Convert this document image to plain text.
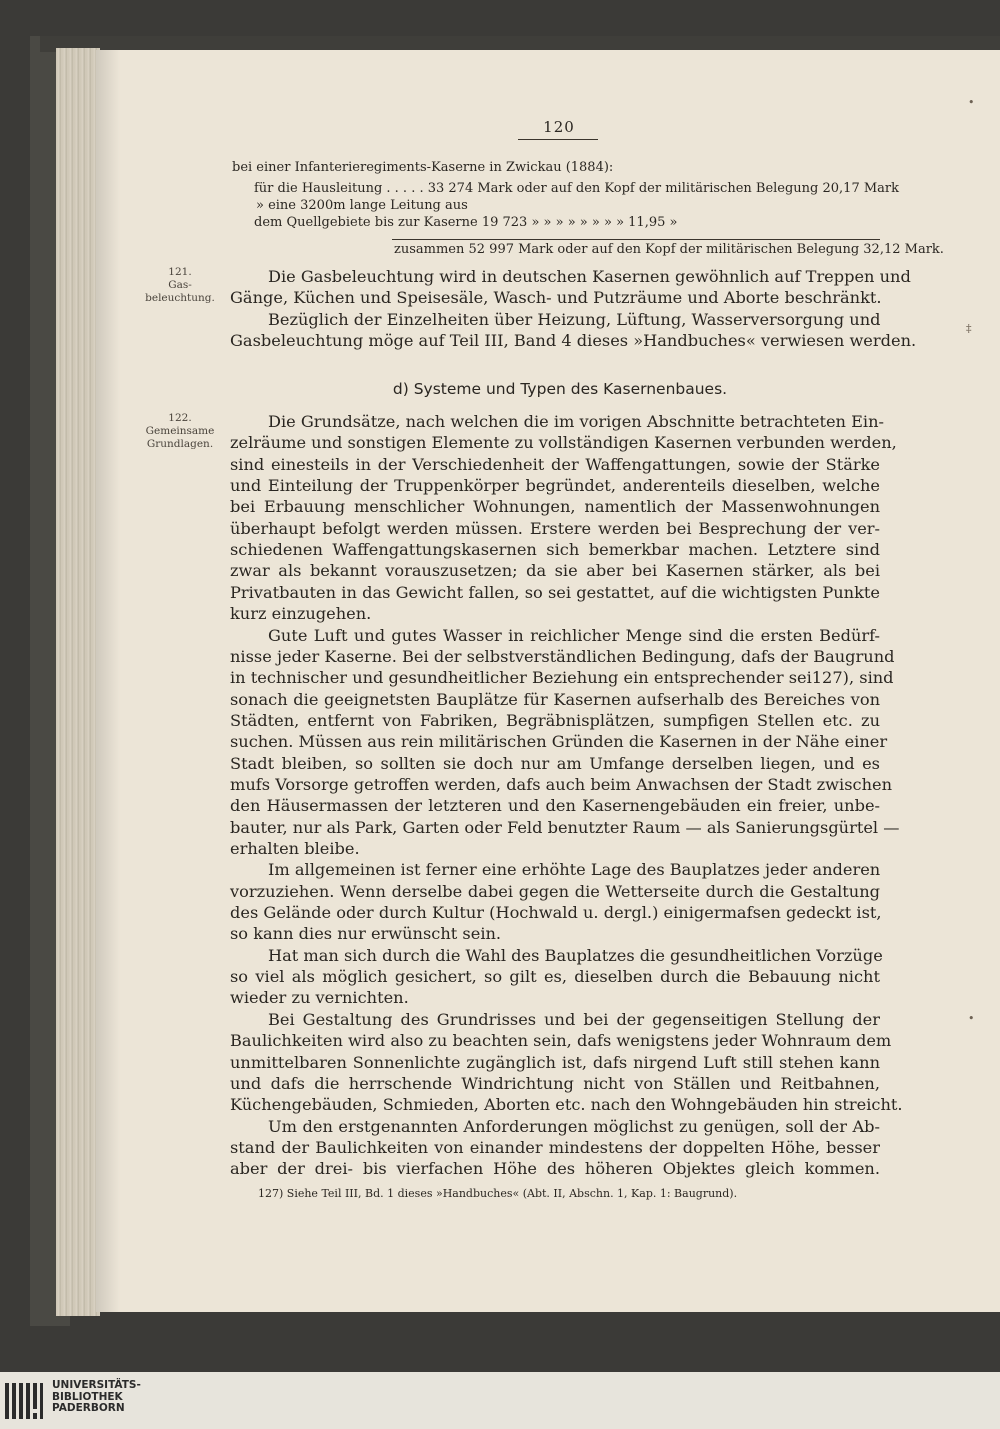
120
bei einer Infanterieregiments-Kaserne in Zwickau (1884):
für die Hausleitung . . . . . 33 274 Mark oder auf den Kopf der militärischen Belegung 20,17 Mark
» eine 3200m lange Leitung aus
dem Quellgebiete bis zur Kaserne 19 723 » » » » » » » » 11,95 »
zusammen 52 997 Mark oder auf den Kopf der militärischen Belegung 32,12 Mark.
121.
Gas-
beleuchtung.
Die Gasbeleuchtung wird in deutschen Kasernen gewöhnlich auf Treppen und
Gänge, Küchen und Speisesäle, Wasch- und Putzräume und Aborte beschränkt.
Bezüglich der Einzelheiten über Heizung, Lüftung, Wasserversorgung und
Gasbeleuchtung möge auf Teil III, Band 4 dieses »Handbuches« verwiesen werden.
d) Systeme und Typen des Kasernenbaues.
122.
Gemeinsame
Grundlagen.
Die Grundsätze, nach welchen die im vorigen Abschnitte betrachteten Ein-
zelräume und sonstigen Elemente zu vollständigen Kasernen verbunden werden,
sind einesteils in der Verschiedenheit der Waffengattungen, sowie der Stärke
und Einteilung der Truppenkörper begründet, anderenteils dieselben, welche
bei Erbauung menschlicher Wohnungen, namentlich der Massenwohnungen
überhaupt befolgt werden müssen. Erstere werden bei Besprechung der ver-
schiedenen Waffengattungskasernen sich bemerkbar machen. Letztere sind
zwar als bekannt vorauszusetzen; da sie aber bei Kasernen stärker, als bei
Privatbauten in das Gewicht fallen, so sei gestattet, auf die wichtigsten Punkte
kurz einzugehen.
Gute Luft und gutes Wasser in reichlicher Menge sind die ersten Bedürf-
nisse jeder Kaserne. Bei der selbstverständlichen Bedingung, dafs der Baugrund
in technischer und gesundheitlicher Beziehung ein entsprechender sei127), sind
sonach die geeignetsten Bauplätze für Kasernen aufserhalb des Bereiches von
Städten, entfernt von Fabriken, Begräbnisplätzen, sumpfigen Stellen etc. zu
suchen. Müssen aus rein militärischen Gründen die Kasernen in der Nähe einer
Stadt bleiben, so sollten sie doch nur am Umfange derselben liegen, und es
mufs Vorsorge getroffen werden, dafs auch beim Anwachsen der Stadt zwischen
den Häusermassen der letzteren und den Kasernengebäuden ein freier, unbe-
bauter, nur als Park, Garten oder Feld benutzter Raum — als Sanierungsgürtel —
erhalten bleibe.
Im allgemeinen ist ferner eine erhöhte Lage des Bauplatzes jeder anderen
vorzuziehen. Wenn derselbe dabei gegen die Wetterseite durch die Gestaltung
des Gelände oder durch Kultur (Hochwald u. dergl.) einigermafsen gedeckt ist,
so kann dies nur erwünscht sein.
Hat man sich durch die Wahl des Bauplatzes die gesundheitlichen Vorzüge
so viel als möglich gesichert, so gilt es, dieselben durch die Bebauung nicht
wieder zu vernichten.
Bei Gestaltung des Grundrisses und bei der gegenseitigen Stellung der
Baulichkeiten wird also zu beachten sein, dafs wenigstens jeder Wohnraum dem
unmittelbaren Sonnenlichte zugänglich ist, dafs nirgend Luft still stehen kann
und dafs die herrschende Windrichtung nicht von Ställen und Reitbahnen,
Küchengebäuden, Schmieden, Aborten etc. nach den Wohngebäuden hin streicht.
Um den erstgenannten Anforderungen möglichst zu genügen, soll der Ab-
stand der Baulichkeiten von einander mindestens der doppelten Höhe, besser
aber der drei- bis vierfachen Höhe des höheren Objektes gleich kommen.
127) Siehe Teil III, Bd. 1 dieses »Handbuches« (Abt. II, Abschn. 1, Kap. 1: Baugrund).
•
‡
•
UNIVERSITÄTS-
BIBLIOTHEK
PADERBORN
